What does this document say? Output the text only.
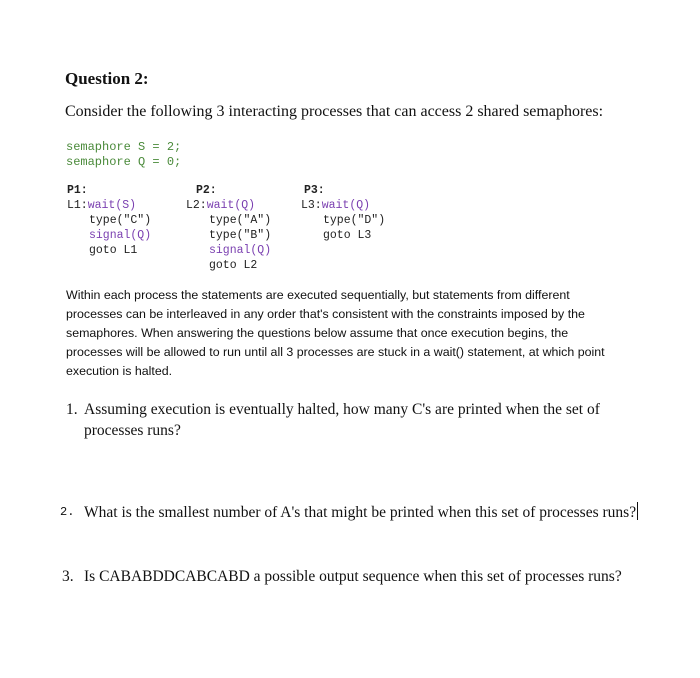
Question 2:
Consider the following 3 interacting processes that can access 2 shared semaphores:
semaphore S = 2;
semaphore Q = 0;
P1:
L1:wait(S)
type("C")
signal(Q)
goto L1
P2:
L2:wait(Q)
type("A")
type("B")
signal(Q)
goto L2
P3:
L3:wait(Q)
type("D")
goto L3
Within each process the statements are executed sequentially, but statements from different
processes can be interleaved in any order that's consistent with the constraints imposed by the
semaphores. When answering the questions below assume that once execution begins, the
processes will be allowed to run until all 3 processes are stuck in a wait() statement, at which point
execution is halted.
1. Assuming execution is eventually halted, how many C's are printed when the set of
processes runs?
2. What is the smallest number of A's that might be printed when this set of processes runs?
3. Is CABABDDCABCABD a possible output sequence when this set of processes runs?
